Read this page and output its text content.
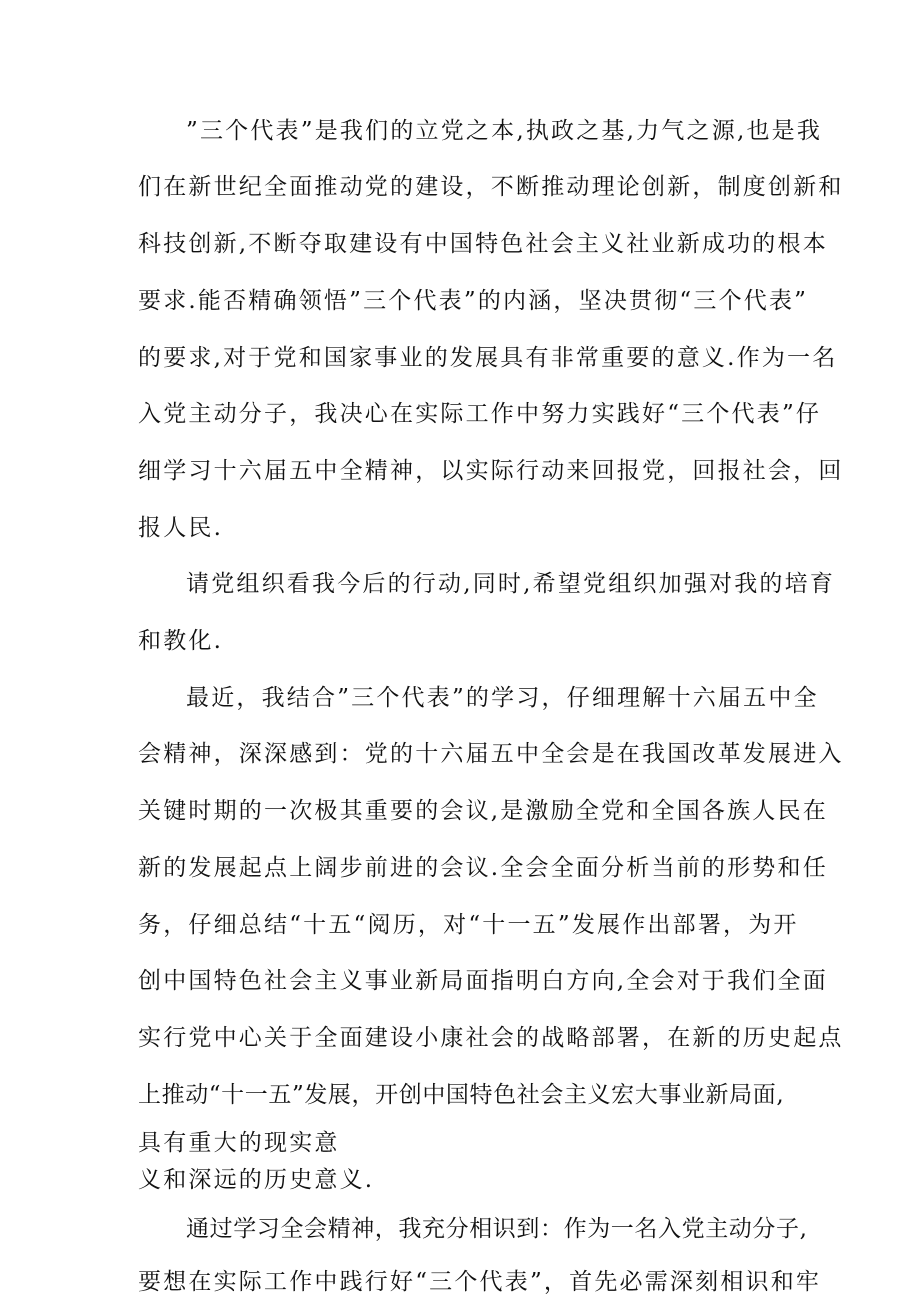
”三个代表”是我们的立党之本,执政之基,力气之源,也是我
们在新世纪全面推动党的建设，不断推动理论创新，制度创新和
科技创新,不断夺取建设有中国特色社会主义社业新成功的根本
要求.能否精确领悟”三个代表”的内涵，坚决贯彻“三个代表”
的要求,对于党和国家事业的发展具有非常重要的意义.作为一名
入党主动分子，我决心在实际工作中努力实践好“三个代表”仔
细学习十六届五中全精神，以实际行动来回报党，回报社会，回
报人民.
请党组织看我今后的行动,同时,希望党组织加强对我的培育
和教化.
最近，我结合”三个代表”的学习，仔细理解十六届五中全
会精神，深深感到：党的十六届五中全会是在我国改革发展进入
关键时期的一次极其重要的会议,是激励全党和全国各族人民在
新的发展起点上阔步前进的会议.全会全面分析当前的形势和任
务，仔细总结“十五“阅历，对“十一五”发展作出部署，为开
创中国特色社会主义事业新局面指明白方向,全会对于我们全面
实行党中心关于全面建设小康社会的战略部署，在新的历史起点
上推动“十一五”发展，开创中国特色社会主义宏大事业新局面,
具有重大的现实意
义和深远的历史意义.
通过学习全会精神，我充分相识到：作为一名入党主动分子,
要想在实际工作中践行好“三个代表”，首先必需深刻相识和牢
